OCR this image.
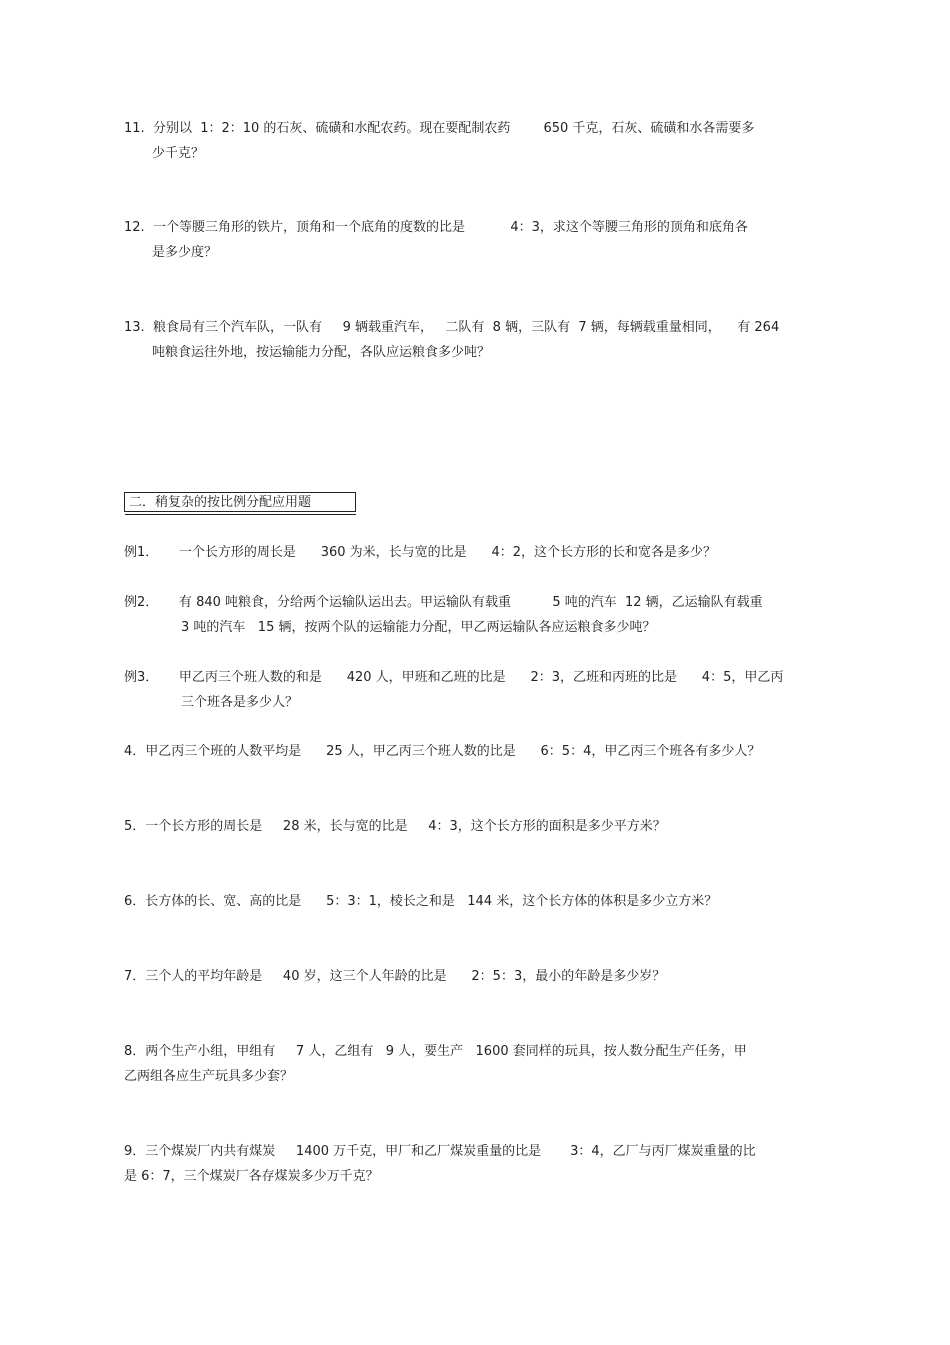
11.  分别以  1：2：10 的石灰、硫磺和水配农药。现在要配制农药        650 千克，石灰、硫磺和水各需要多
少千克？
12.  一个等腰三角形的铁片，顶角和一个底角的度数的比是           4：3，求这个等腰三角形的顶角和底角各
是多少度？
13.  粮食局有三个汽车队，一队有     9 辆载重汽车，   二队有  8 辆，三队有  7 辆，每辆载重量相同，    有 264
吨粮食运往外地，按运输能力分配，各队应运粮食多少吨？
二．稍复杂的按比例分配应用题
例1．     一个长方形的周长是      360 为米，长与宽的比是      4：2，这个长方形的长和宽各是多少？
例2．     有 840 吨粮食，分给两个运输队运出去。甲运输队有载重          5 吨的汽车  12 辆，乙运输队有载重
3 吨的汽车   15 辆，按两个队的运输能力分配，甲乙两运输队各应运粮食多少吨？
例3．     甲乙丙三个班人数的和是      420 人，甲班和乙班的比是      2：3，乙班和丙班的比是      4：5，甲乙丙
三个班各是多少人？
4．甲乙丙三个班的人数平均是      25 人，甲乙丙三个班人数的比是      6：5：4，甲乙丙三个班各有多少人？
5．一个长方形的周长是     28 米，长与宽的比是     4：3，这个长方形的面积是多少平方米？
6．长方体的长、宽、高的比是      5：3：1，棱长之和是   144 米，这个长方体的体积是多少立方米？
7．三个人的平均年龄是     40 岁，这三个人年龄的比是      2：5：3，最小的年龄是多少岁？
8．两个生产小组，甲组有     7 人，乙组有   9 人，要生产   1600 套同样的玩具，按人数分配生产任务，甲
乙两组各应生产玩具多少套？
9．三个煤炭厂内共有煤炭     1400 万千克，甲厂和乙厂煤炭重量的比是       3：4，乙厂与丙厂煤炭重量的比
是 6：7，三个煤炭厂各存煤炭多少万千克？
